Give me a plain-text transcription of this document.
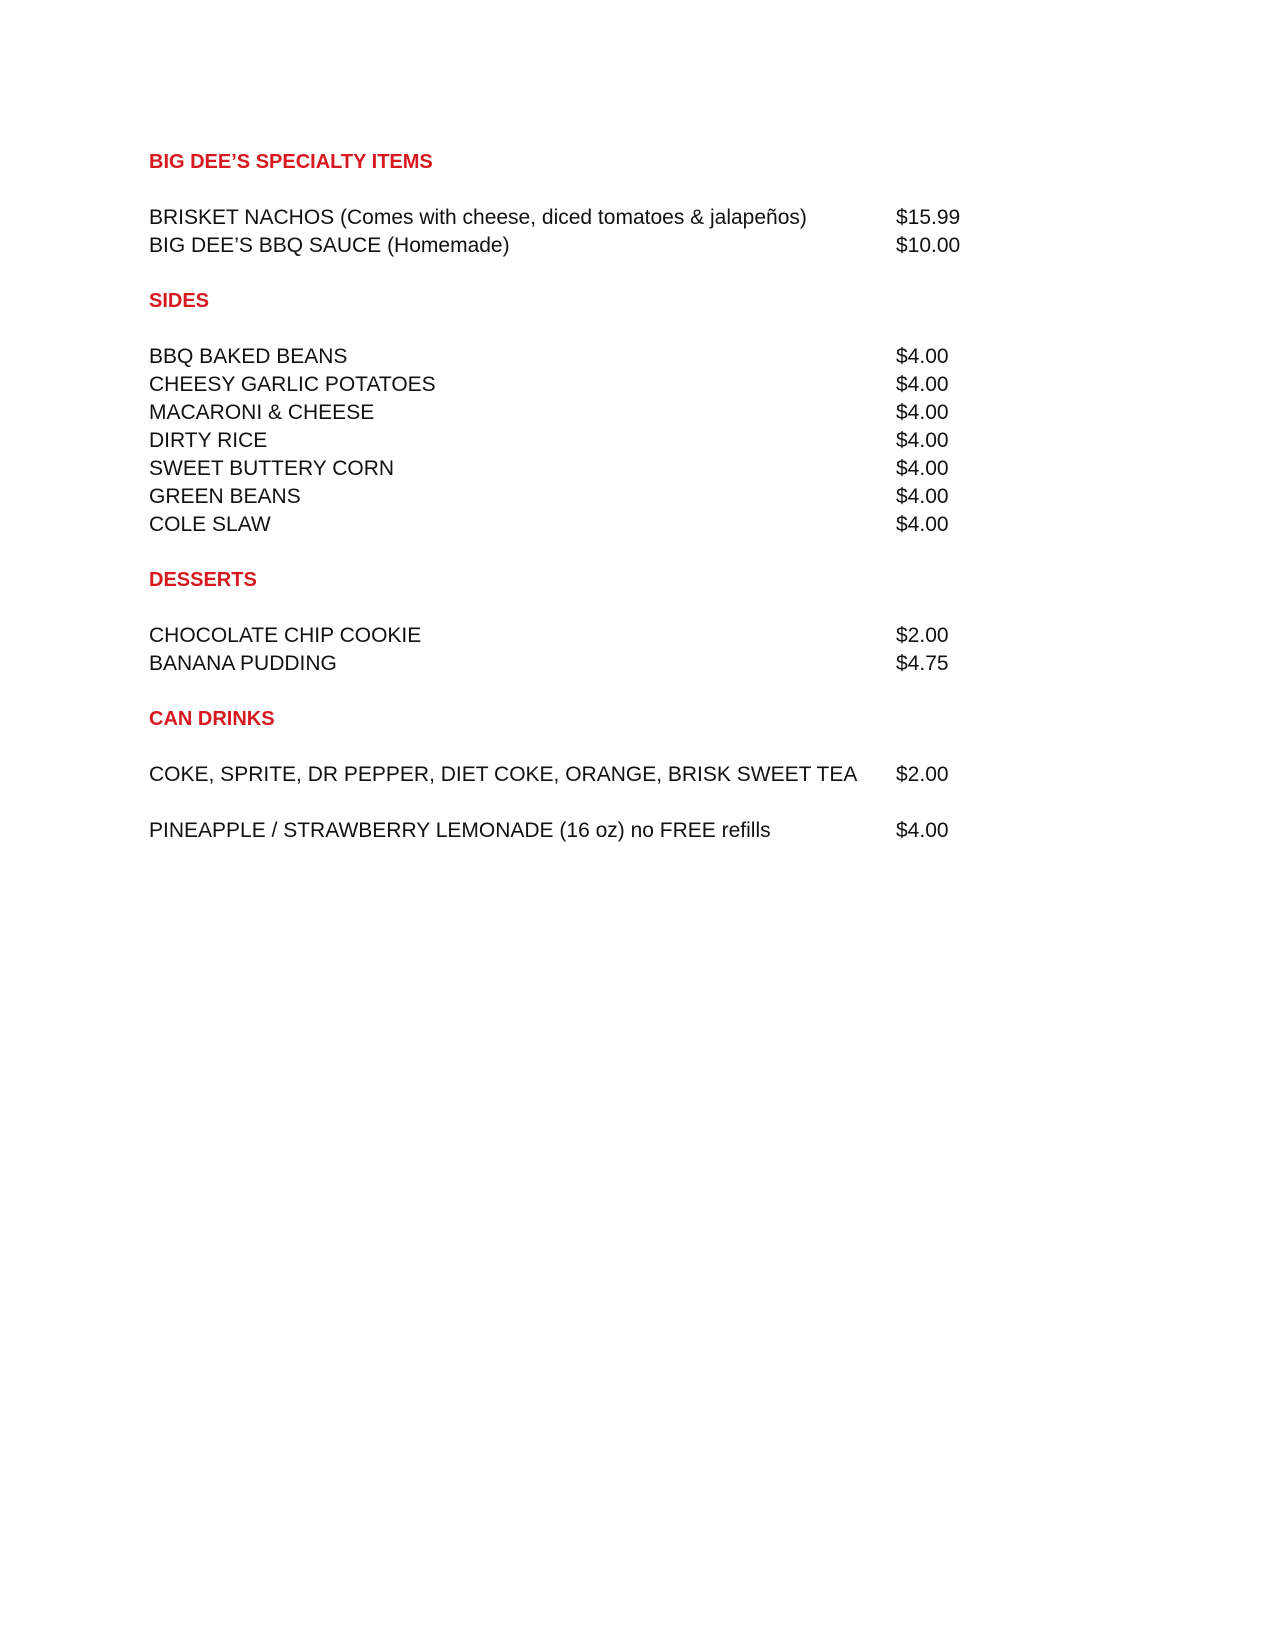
BIG DEE’S SPECIALTY ITEMS
BRISKET NACHOS (Comes with cheese, diced tomatoes & jalapeños)	$15.99
BIG DEE’S BBQ SAUCE (Homemade)	$10.00
SIDES
BBQ BAKED BEANS	$4.00
CHEESY GARLIC POTATOES	$4.00
MACARONI & CHEESE	$4.00
DIRTY RICE	$4.00
SWEET BUTTERY CORN	$4.00
GREEN BEANS	$4.00
COLE SLAW	$4.00
DESSERTS
CHOCOLATE CHIP COOKIE	$2.00
BANANA PUDDING	$4.75
CAN DRINKS
COKE, SPRITE, DR PEPPER, DIET COKE, ORANGE, BRISK SWEET TEA	$2.00
PINEAPPLE / STRAWBERRY LEMONADE (16 oz) no FREE refills	$4.00
